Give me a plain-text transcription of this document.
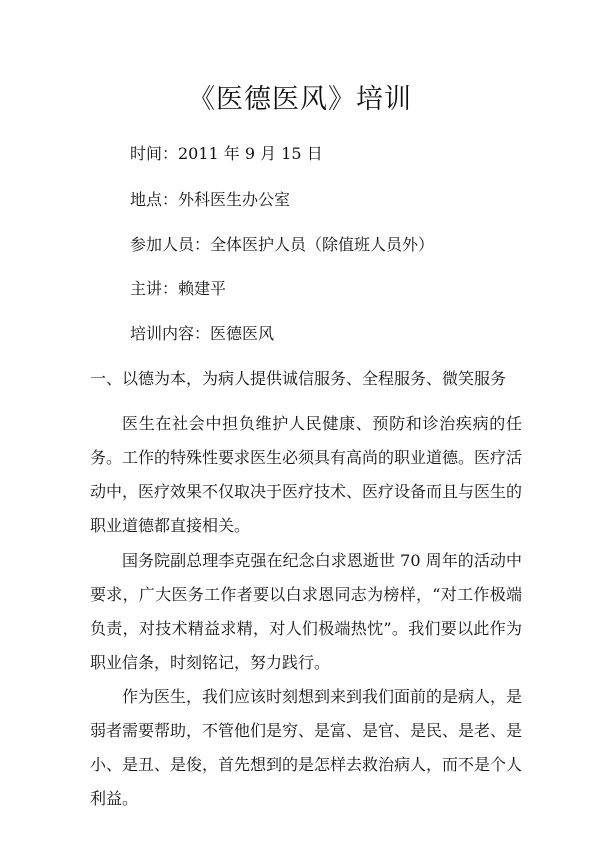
《医德医风》培训
时间：2011 年 9 月 15 日
地点：外科医生办公室
参加人员：全体医护人员（除值班人员外）
主讲：赖建平
培训内容：医德医风
一、以德为本，为病人提供诚信服务、全程服务、微笑服务
医生在社会中担负维护人民健康、预防和诊治疾病的任务。工作的特殊性要求医生必须具有高尚的职业道德。医疗活动中，医疗效果不仅取决于医疗技术、医疗设备而且与医生的职业道德都直接相关。
国务院副总理李克强在纪念白求恩逝世 70 周年的活动中要求，广大医务工作者要以白求恩同志为榜样，“对工作极端负责，对技术精益求精，对人们极端热忱”。我们要以此作为职业信条，时刻铭记，努力践行。
作为医生，我们应该时刻想到来到我们面前的是病人，是弱者需要帮助，不管他们是穷、是富、是官、是民、是老、是小、是丑、是俊，首先想到的是怎样去救治病人，而不是个人利益。
